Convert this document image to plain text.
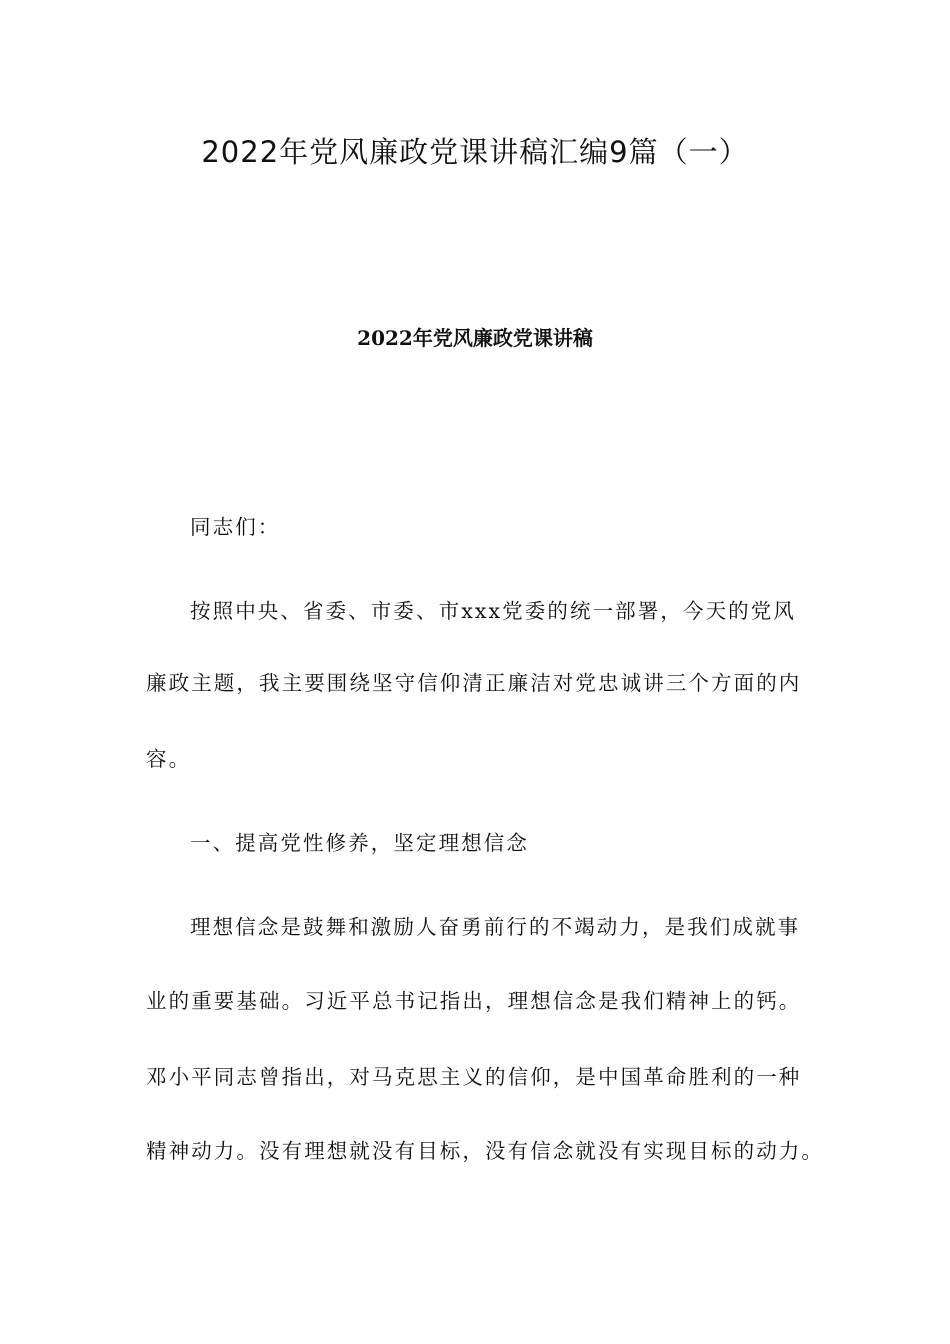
2022年党风廉政党课讲稿汇编9篇（一）
2022年党风廉政党课讲稿

同志们：

按照中央、省委、市委、市xxx党委的统一部署，今天的党风

廉政主题，我主要围绕坚守信仰清正廉洁对党忠诚讲三个方面的内

容。

一、提高党性修养，坚定理想信念

理想信念是鼓舞和激励人奋勇前行的不竭动力，是我们成就事

业的重要基础。习近平总书记指出，理想信念是我们精神上的钙。

邓小平同志曾指出，对马克思主义的信仰，是中国革命胜利的一种

精神动力。没有理想就没有目标，没有信念就没有实现目标的动力。
